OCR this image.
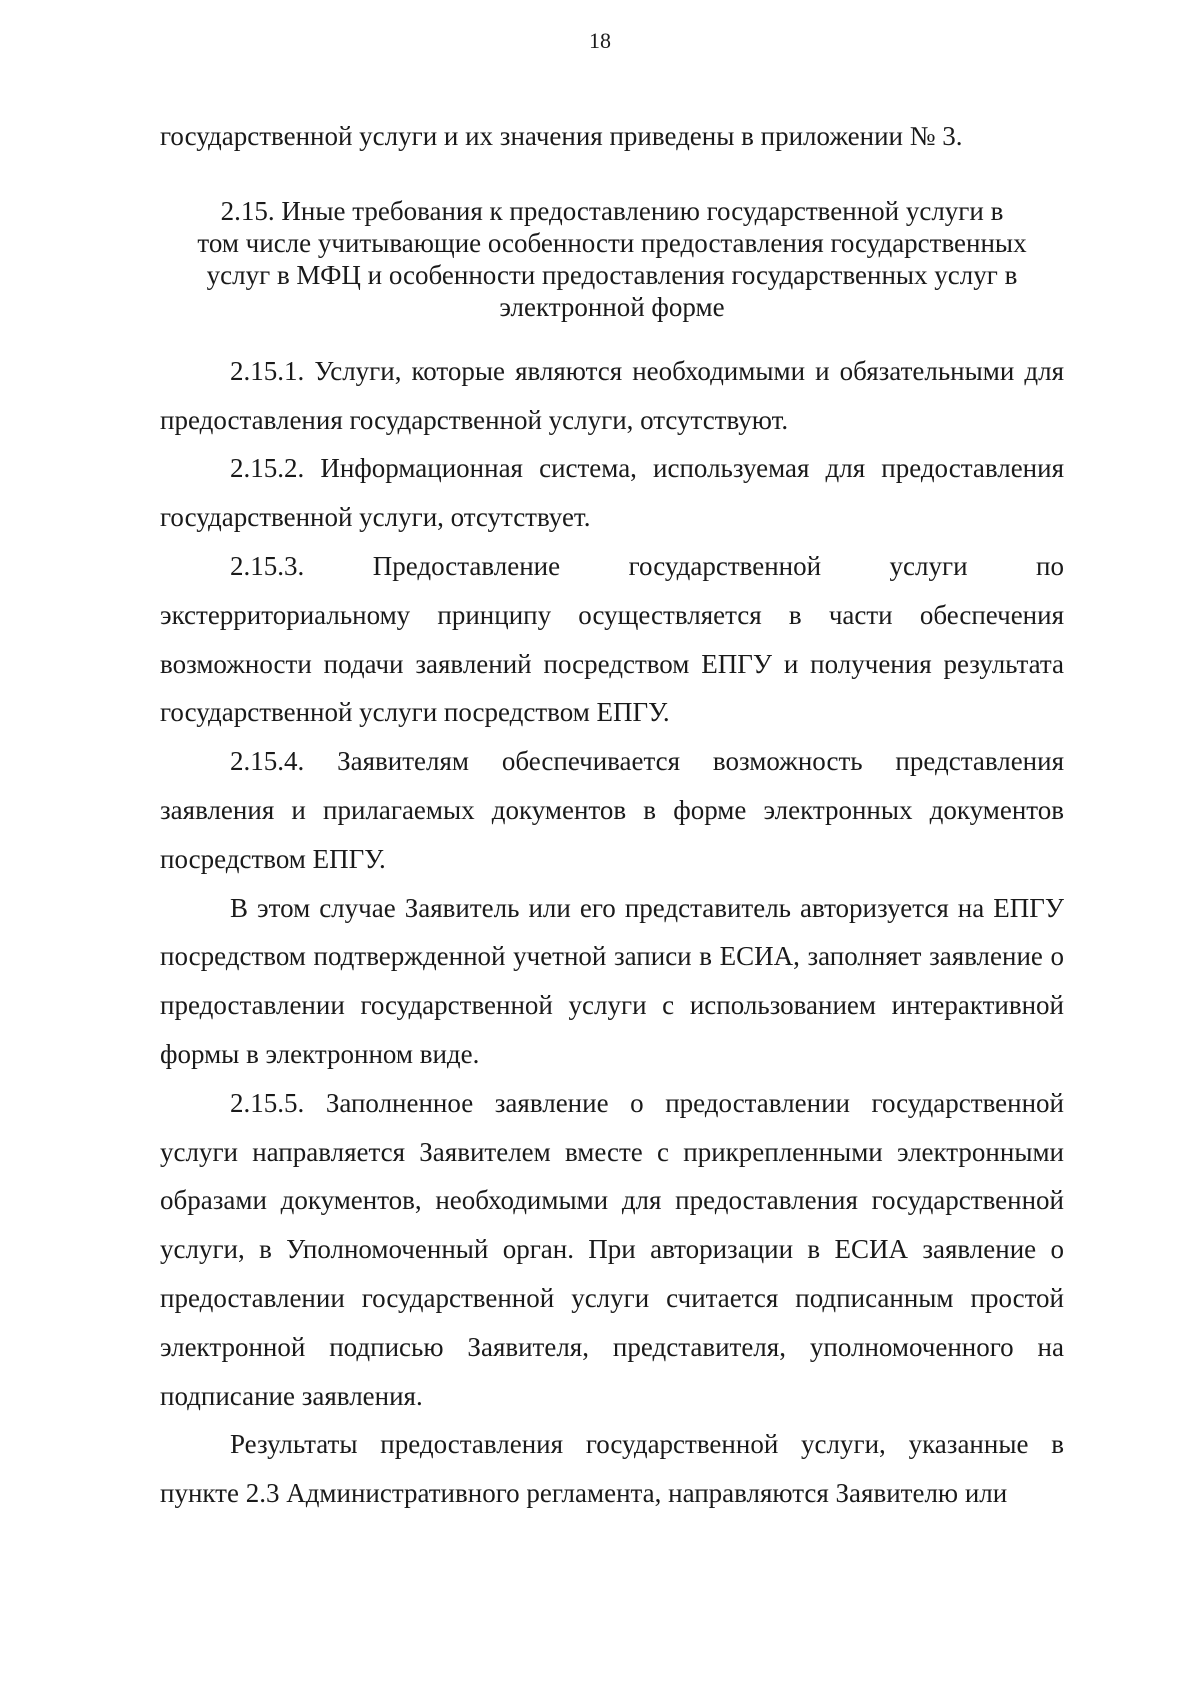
18

государственной услуги и их значения приведены в приложении № 3.

2.15. Иные требования к предоставлению государственной услуги в
том числе учитывающие особенности предоставления государственных
услуг в МФЦ и особенности предоставления государственных услуг в
электронной форме

2.15.1. Услуги, которые являются необходимыми и обязательными для предоставления государственной услуги, отсутствуют.

2.15.2. Информационная система, используемая для предоставления государственной услуги, отсутствует.

2.15.3. Предоставление государственной услуги по экстерриториальному принципу осуществляется в части обеспечения возможности подачи заявлений посредством ЕПГУ и получения результата государственной услуги посредством ЕПГУ.

2.15.4. Заявителям обеспечивается возможность представления заявления и прилагаемых документов в форме электронных документов посредством ЕПГУ.

В этом случае Заявитель или его представитель авторизуется на ЕПГУ посредством подтвержденной учетной записи в ЕСИА, заполняет заявление о предоставлении государственной услуги с использованием интерактивной формы в электронном виде.

2.15.5. Заполненное заявление о предоставлении государственной услуги направляется Заявителем вместе с прикрепленными электронными образами документов, необходимыми для предоставления государственной услуги, в Уполномоченный орган. При авторизации в ЕСИА заявление о предоставлении государственной услуги считается подписанным простой электронной подписью Заявителя, представителя, уполномоченного на подписание заявления.

Результаты предоставления государственной услуги, указанные в пункте 2.3 Административного регламента, направляются Заявителю или
